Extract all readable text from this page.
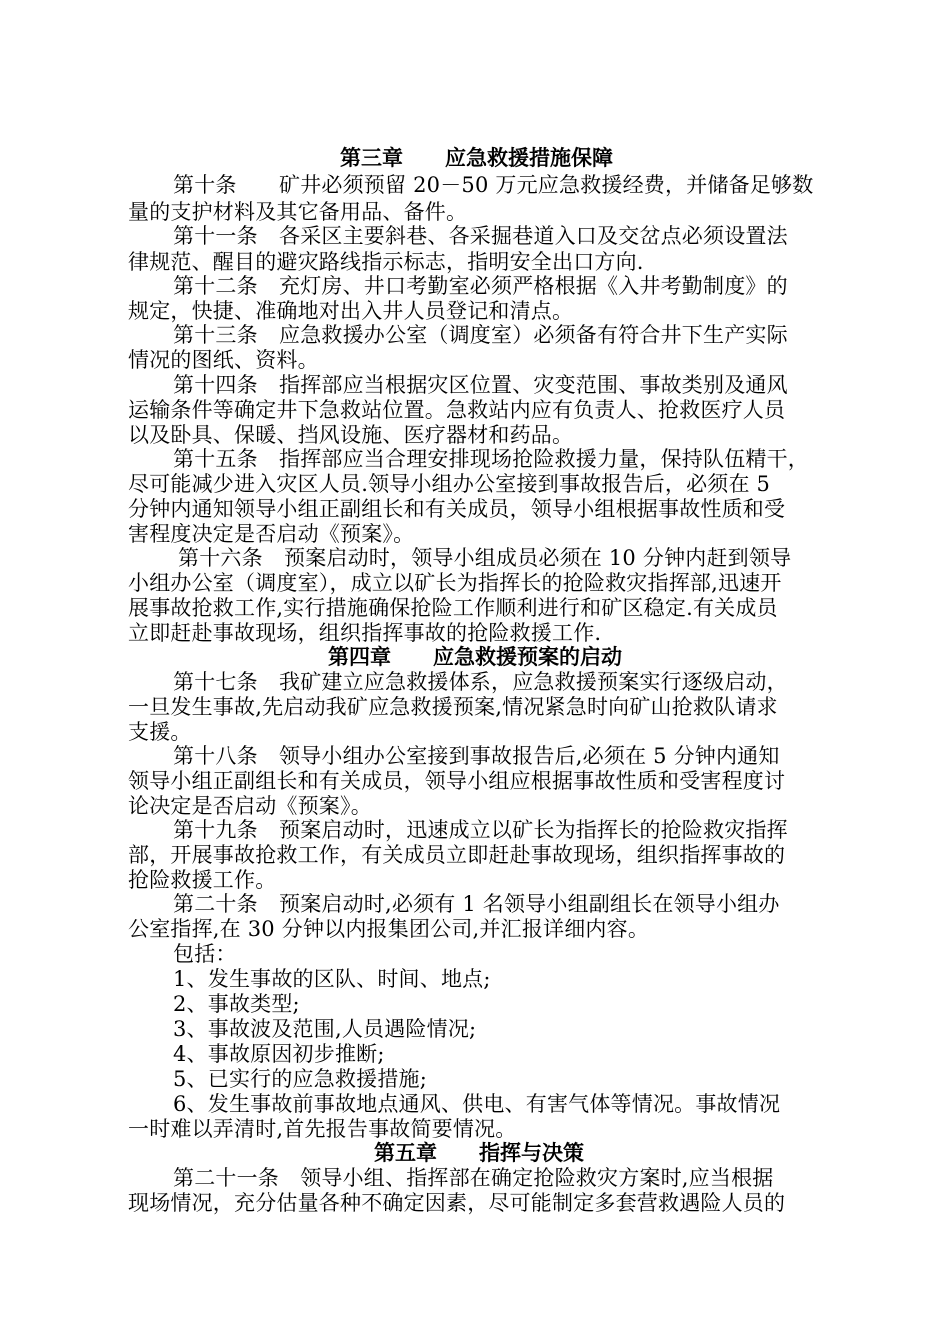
第三章　　应急救援措施保障
第十条　　矿井必须预留 20－50 万元应急救援经费，并储备足够数
量的支护材料及其它备用品、备件。
第十一条　各采区主要斜巷、各采掘巷道入口及交岔点必须设置法
律规范、醒目的避灾路线指示标志，指明安全出口方向.
第十二条　充灯房、井口考勤室必须严格根据《入井考勤制度》的
规定，快捷、准确地对出入井人员登记和清点。
第十三条　应急救援办公室（调度室）必须备有符合井下生产实际
情况的图纸、资料。
第十四条　指挥部应当根据灾区位置、灾变范围、事故类别及通风
运输条件等确定井下急救站位置。急救站内应有负责人、抢救医疗人员
以及卧具、保暖、挡风设施、医疗器材和药品。
第十五条　指挥部应当合理安排现场抢险救援力量，保持队伍精干，
尽可能减少进入灾区人员.领导小组办公室接到事故报告后，必须在 5
分钟内通知领导小组正副组长和有关成员，领导小组根据事故性质和受
害程度决定是否启动《预案》。
第十六条　预案启动时，领导小组成员必须在 10 分钟内赶到领导
小组办公室（调度室），成立以矿长为指挥长的抢险救灾指挥部,迅速开
展事故抢救工作,实行措施确保抢险工作顺利进行和矿区稳定.有关成员
立即赶赴事故现场，组织指挥事故的抢险救援工作.
第四章　　应急救援预案的启动
第十七条　我矿建立应急救援体系，应急救援预案实行逐级启动，
一旦发生事故,先启动我矿应急救援预案,情况紧急时向矿山抢救队请求
支援。
第十八条　领导小组办公室接到事故报告后,必须在 5 分钟内通知
领导小组正副组长和有关成员，领导小组应根据事故性质和受害程度讨
论决定是否启动《预案》。
第十九条　预案启动时，迅速成立以矿长为指挥长的抢险救灾指挥
部，开展事故抢救工作，有关成员立即赶赴事故现场，组织指挥事故的
抢险救援工作。
第二十条　预案启动时,必须有 1 名领导小组副组长在领导小组办
公室指挥,在 30 分钟以内报集团公司,并汇报详细内容。
包括：
1、发生事故的区队、时间、地点;
2、事故类型;
3、事故波及范围,人员遇险情况;
4、事故原因初步推断;
5、已实行的应急救援措施;
6、发生事故前事故地点通风、供电、有害气体等情况。事故情况
一时难以弄清时,首先报告事故简要情况。
第五章　　指挥与决策
第二十一条　领导小组、指挥部在确定抢险救灾方案时,应当根据
现场情况，充分估量各种不确定因素，尽可能制定多套营救遇险人员的
